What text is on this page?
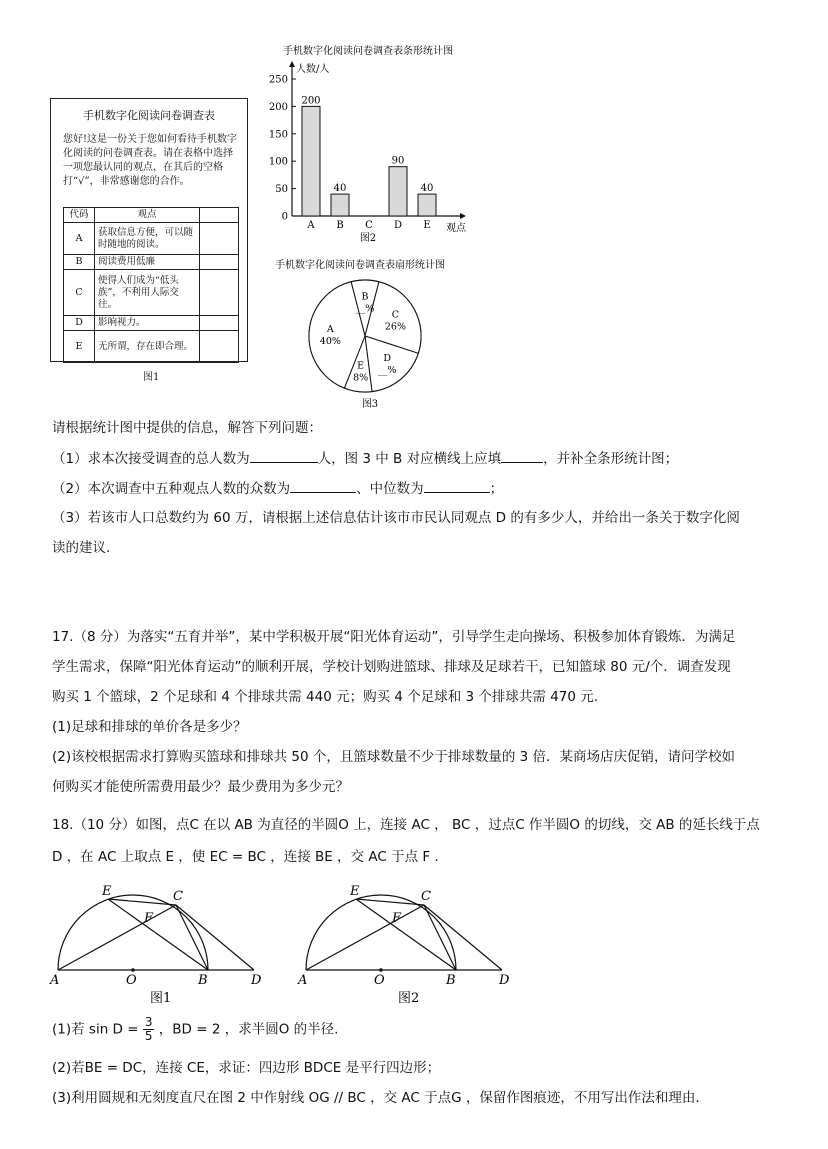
手机数字化阅读问卷调查表
您好!这是一份关于您如何看待手机数字化阅读的问卷调查表。请在表格中选择一项您最认同的观点，在其后的空格打“√”，非常感谢您的合作。
代码	观点	
A	获取信息方便，可以随时随地的阅读。	
B	阅读费用低廉	
C	使得人们成为“低头族”，不利用人际交往。	
D	影响视力。	
E	无所谓，存在即合理。	
图1
手机数字化阅读问卷调查表条形统计图
人数/人
0
50
100
150
200
250
200
40
90
40
A B C D E 观点
图2
手机数字化阅读问卷调查表扇形统计图
B
__%
C
26%
D
__%
E
8%
A
40%
图3
请根据统计图中提供的信息，解答下列问题：
（1）求本次接受调查的总人数为	人，图 3 中 B 对应横线上应填	，并补全条形统计图；
（2）本次调查中五种观点人数的众数为	、中位数为	；
（3）若该市人口总数约为 60 万，请根据上述信息估计该市市民认同观点 D 的有多少人，并给出一条关于数字化阅
读的建议.
17.（8 分）为落实“五育并举”，某中学积极开展“阳光体育运动”，引导学生走向操场、积极参加体育锻炼．为满足
学生需求，保障“阳光体育运动”的顺利开展，学校计划购进篮球、排球及足球若干，已知篮球 80 元/个．调查发现
购买 1 个篮球，2 个足球和 4 个排球共需 440 元；购买 4 个足球和 3 个排球共需 470 元.
(1)足球和排球的单价各是多少？
(2)该校根据需求打算购买篮球和排球共 50 个，且篮球数量不少于排球数量的 3 倍．某商场店庆促销，请问学校如
何购买才能使所需费用最少？最少费用为多少元？
18.（10 分）如图，点C 在以 AB 为直径的半圆O 上，连接 AC ， BC ，过点C 作半圆O 的切线，交 AB 的延长线于点
D ，在 AC 上取点 E ，使 EC = BC ，连接 BE ，交 AC 于点 F .
E	C
F
A	O	B	D
图1
E	C
F
A	O	B	D
图2
(1)若 $\sin D = \frac{3}{5}$ ，BD = 2 ，求半圆O 的半径.
(2)若BE = DC，连接 CE，求证：四边形 BDCE 是平行四边形；
(3)利用圆规和无刻度直尺在图 2 中作射线 OG // BC ，交 AC 于点G ，保留作图痕迹，不用写出作法和理由.
